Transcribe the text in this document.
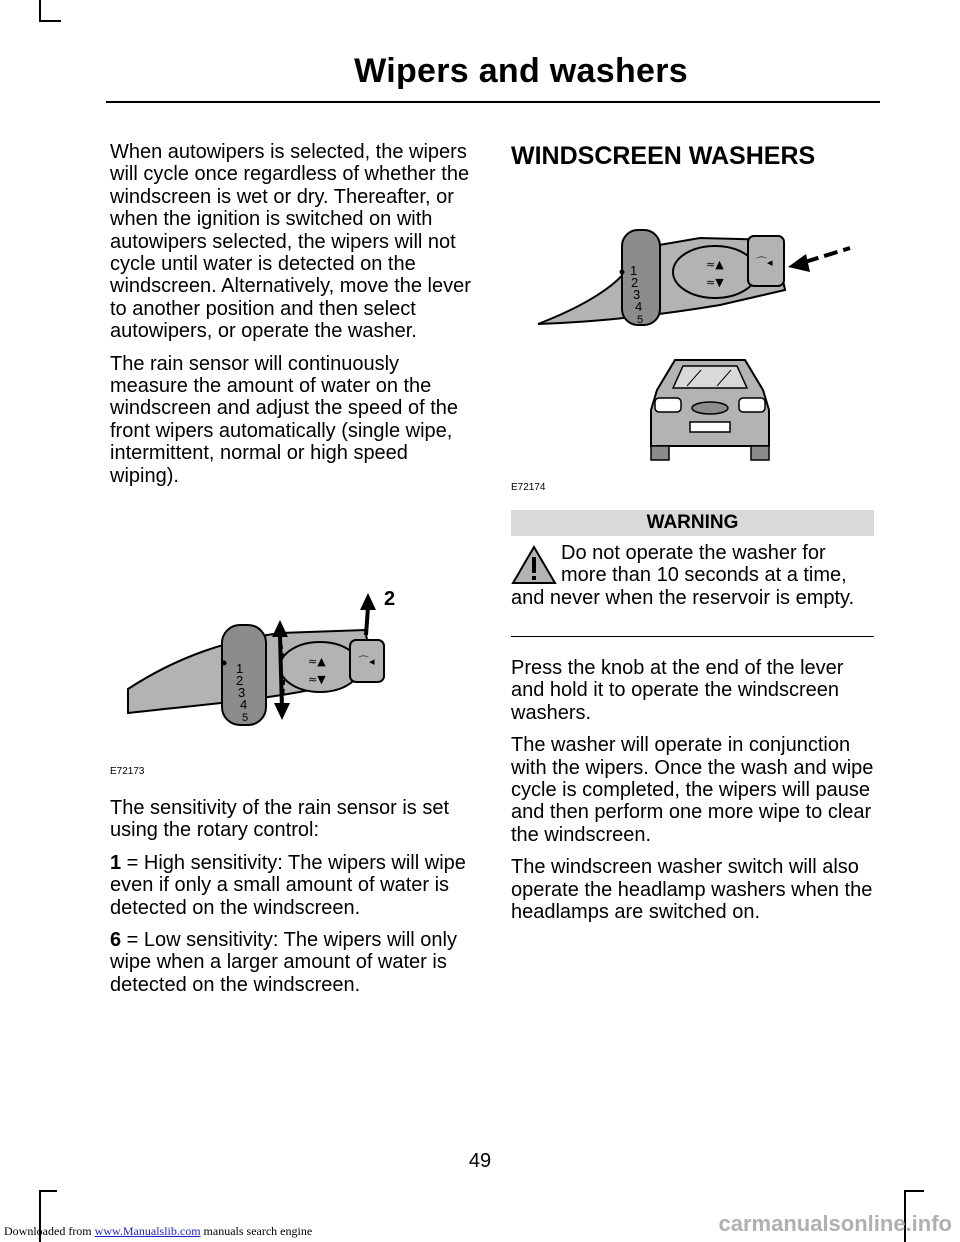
Wipers and washers

When autowipers is selected, the wipers will cycle once regardless of whether the windscreen is wet or dry. Thereafter, or when the ignition is switched on with autowipers selected, the wipers will not cycle until water is detected on the windscreen. Alternatively, move the lever to another position and then select autowipers, or operate the washer.

The rain sensor will continuously measure the amount of water on the windscreen and adjust the speed of the front wipers automatically (single wipe, intermittent, normal or high speed wiping).

≈▲
≈▼
⌒◂
2
1
2
3
4
5
E72173

The sensitivity of the rain sensor is set using the rotary control:

1 = High sensitivity: The wipers will wipe even if only a small amount of water is detected on the windscreen.

6 = Low sensitivity: The wipers will only wipe when a larger amount of water is detected on the windscreen.

WINDSCREEN WASHERS
≈▲
≈▼
⌒◂
1
2
3
4
5
E72174
WARNING
Do not operate the washer for more than 10 seconds at a time, and never when the reservoir is empty.

Press the knob at the end of the lever and hold it to operate the windscreen washers.

The washer will operate in conjunction with the wipers. Once the wash and wipe cycle is completed, the wipers will pause and then perform one more wipe to clear the windscreen.

The windscreen washer switch will also operate the headlamp washers when the headlamps are switched on.

49
Downloaded from www.Manualslib.com manuals search engine	carmanualsonline.info
